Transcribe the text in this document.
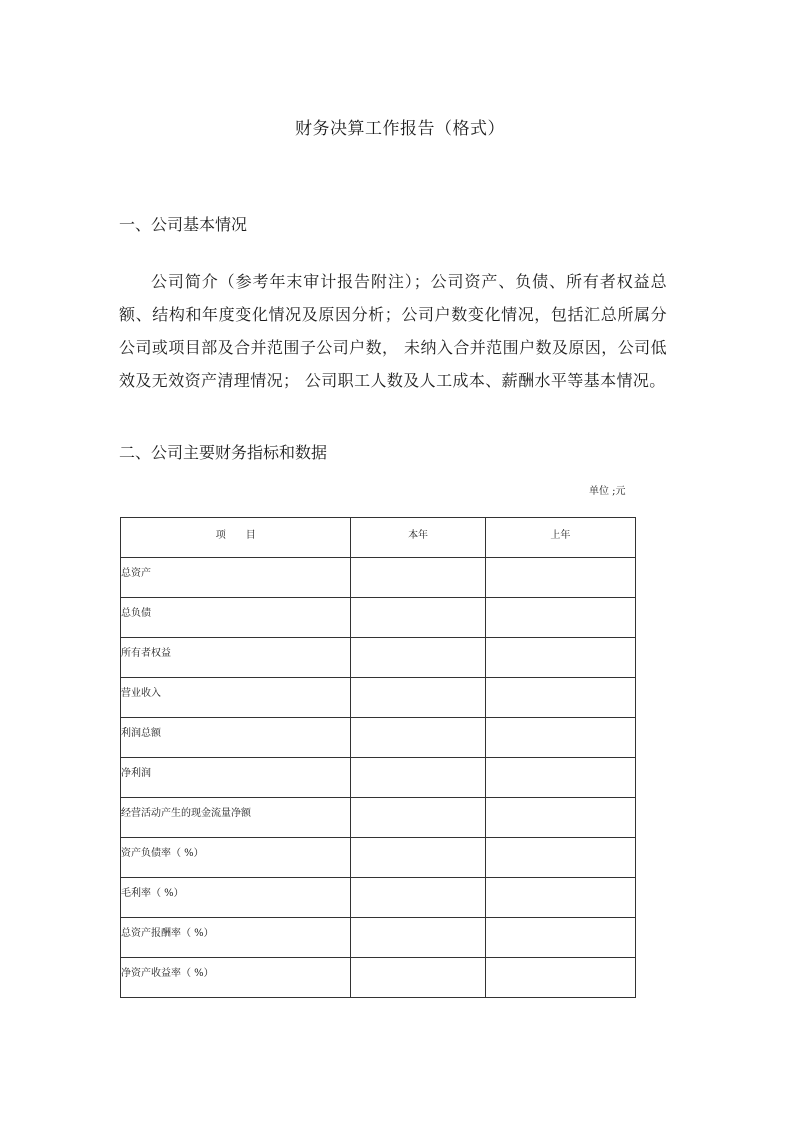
财务决算工作报告（格式）
一、公司基本情况

公司简介（参考年末审计报告附注）；公司资产、负债、所有者权益总额、结构和年度变化情况及原因分析；公司户数变化情况，包括汇总所属分公司或项目部及合并范围子公司户数， 未纳入合并范围户数及原因，公司低效及无效资产清理情况； 公司职工人数及人工成本、薪酬水平等基本情况。

二、公司主要财务指标和数据
单位 ;元
项目	本年	上年
总资产		
总负债		
所有者权益		
营业收入		
利润总额		
净利润		
经营活动产生的现金流量净额		
资产负债率（ %）		
毛利率（ %）		
总资产报酬率（ %）		
净资产收益率（ %）		
